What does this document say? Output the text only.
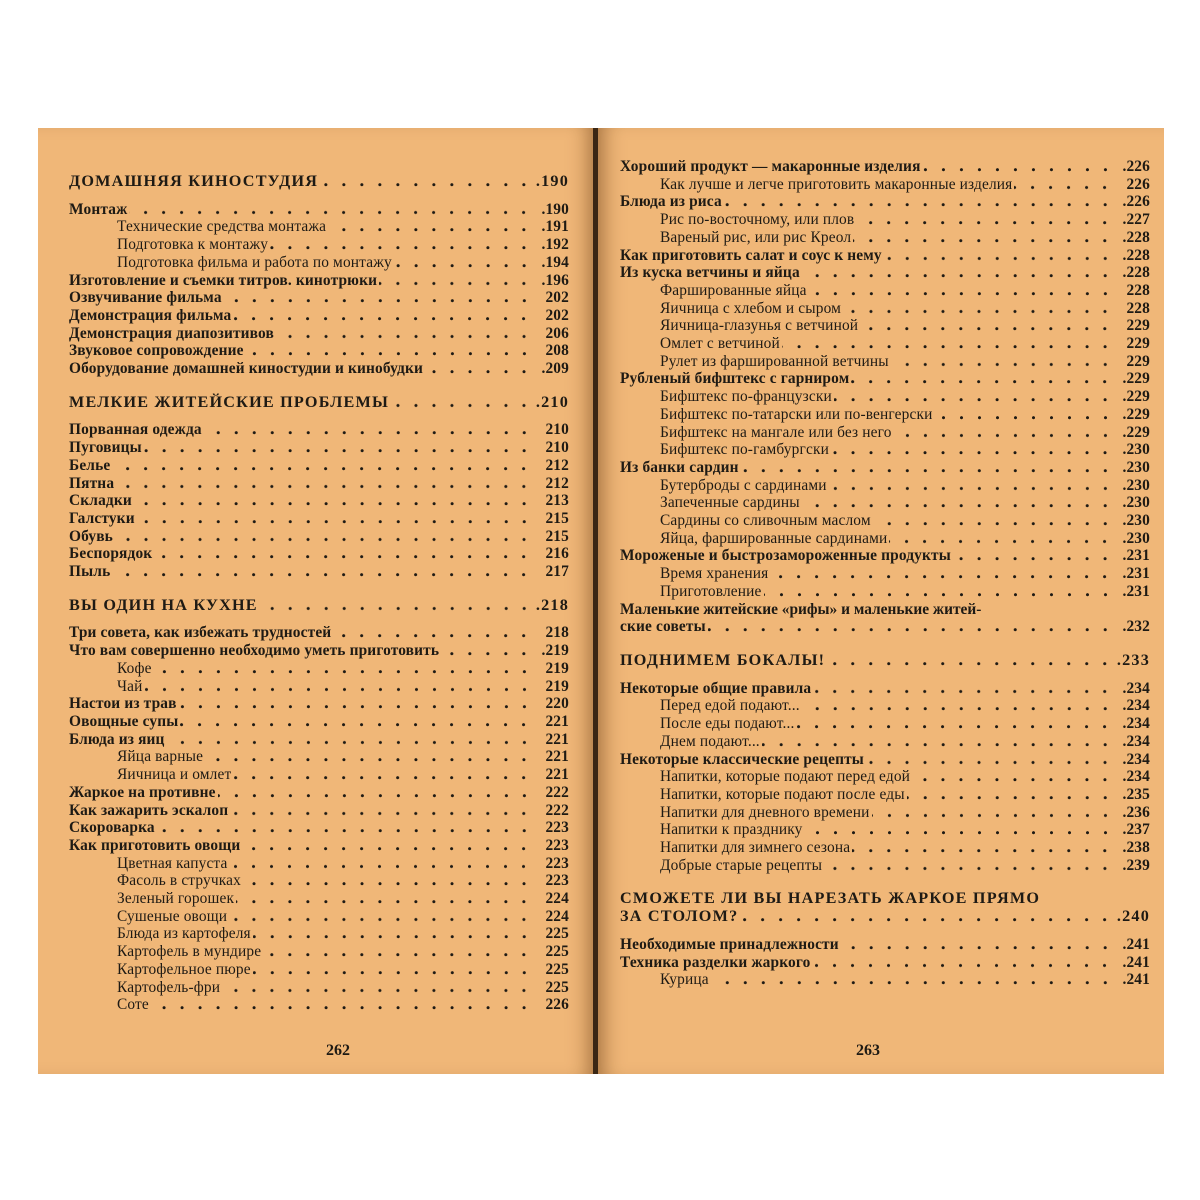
ДОМАШНЯЯ КИНОСТУДИЯ	.190
Монтаж	.190
Технические средства монтажа	.191
Подготовка к монтажу	.192
Подготовка фильма и работа по монтажу	.194
Изготовление и съемки титров. кинотрюки	.196
Озвучивание фильма	202
Демонстрация фильма	202
Демонстрация диапозитивов	206
Звуковое сопровождение	208
Оборудование домашней киностудии и кинобудки	.209
МЕЛКИЕ ЖИТЕЙСКИЕ ПРОБЛЕМЫ	.210
Порванная одежда	210
Пуговицы	210
Белье	212
Пятна	212
Складки	213
Галстуки	215
Обувь	215
Беспорядок	216
Пыль	217
ВЫ ОДИН НА КУХНЕ	.218
Три совета, как избежать трудностей	218
Что вам совершенно необходимо уметь приготовить	.219
Кофе	219
Чай	219
Настои из трав	220
Овощные супы	221
Блюда из яиц	221
Яйца варные	221
Яичница и омлет	221
Жаркое на противне	222
Как зажарить эскалоп	222
Скороварка	223
Как приготовить овощи	223
Цветная капуста	223
Фасоль в стручках	223
Зеленый горошек	224
Сушеные овощи	224
Блюда из картофеля	225
Картофель в мундире	225
Картофельное пюре	225
Картофель-фри	225
Соте	226
262
Хороший продукт — макаронные изделия	.226
Как лучше и легче приготовить макаронные изделия	226
Блюда из риса	.226
Рис по-восточному, или плов	.227
Вареный рис, или рис Креол	.228
Как приготовить салат и соус к нему	.228
Из куска ветчины и яйца	.228
Фаршированные яйца	228
Яичница с хлебом и сыром	228
Яичница-глазунья с ветчиной	229
Омлет с ветчиной	229
Рулет из фаршированной ветчины	229
Рубленый бифштекс с гарниром	.229
Бифштекс по-французски	.229
Бифштекс по-татарски или по-венгерски	.229
Бифштекс на мангале или без него	.229
Бифштекс по-гамбургски	.230
Из банки сардин	.230
Бутерброды с сардинами	.230
Запеченные сардины	.230
Сардины со сливочным маслом	.230
Яйца, фаршированные сардинами	.230
Мороженые и быстрозамороженные продукты	.231
Время хранения	.231
Приготовление	.231
Маленькие житейские «рифы» и маленькие житей-
ские советы	.232
ПОДНИМЕМ БОКАЛЫ!	.233
Некоторые общие правила	.234
Перед едой подают...	.234
После еды подают...	.234
Днем подают...	.234
Некоторые классические рецепты	.234
Напитки, которые подают перед едой	.234
Напитки, которые подают после еды	.235
Напитки для дневного времени	.236
Напитки к празднику	.237
Напитки для зимнего сезона	.238
Добрые старые рецепты	.239
СМОЖЕТЕ ЛИ ВЫ НАРЕЗАТЬ ЖАРКОЕ ПРЯМО
ЗА СТОЛОМ?	.240
Необходимые принадлежности	.241
Техника разделки жаркого	.241
Курица	.241
263
